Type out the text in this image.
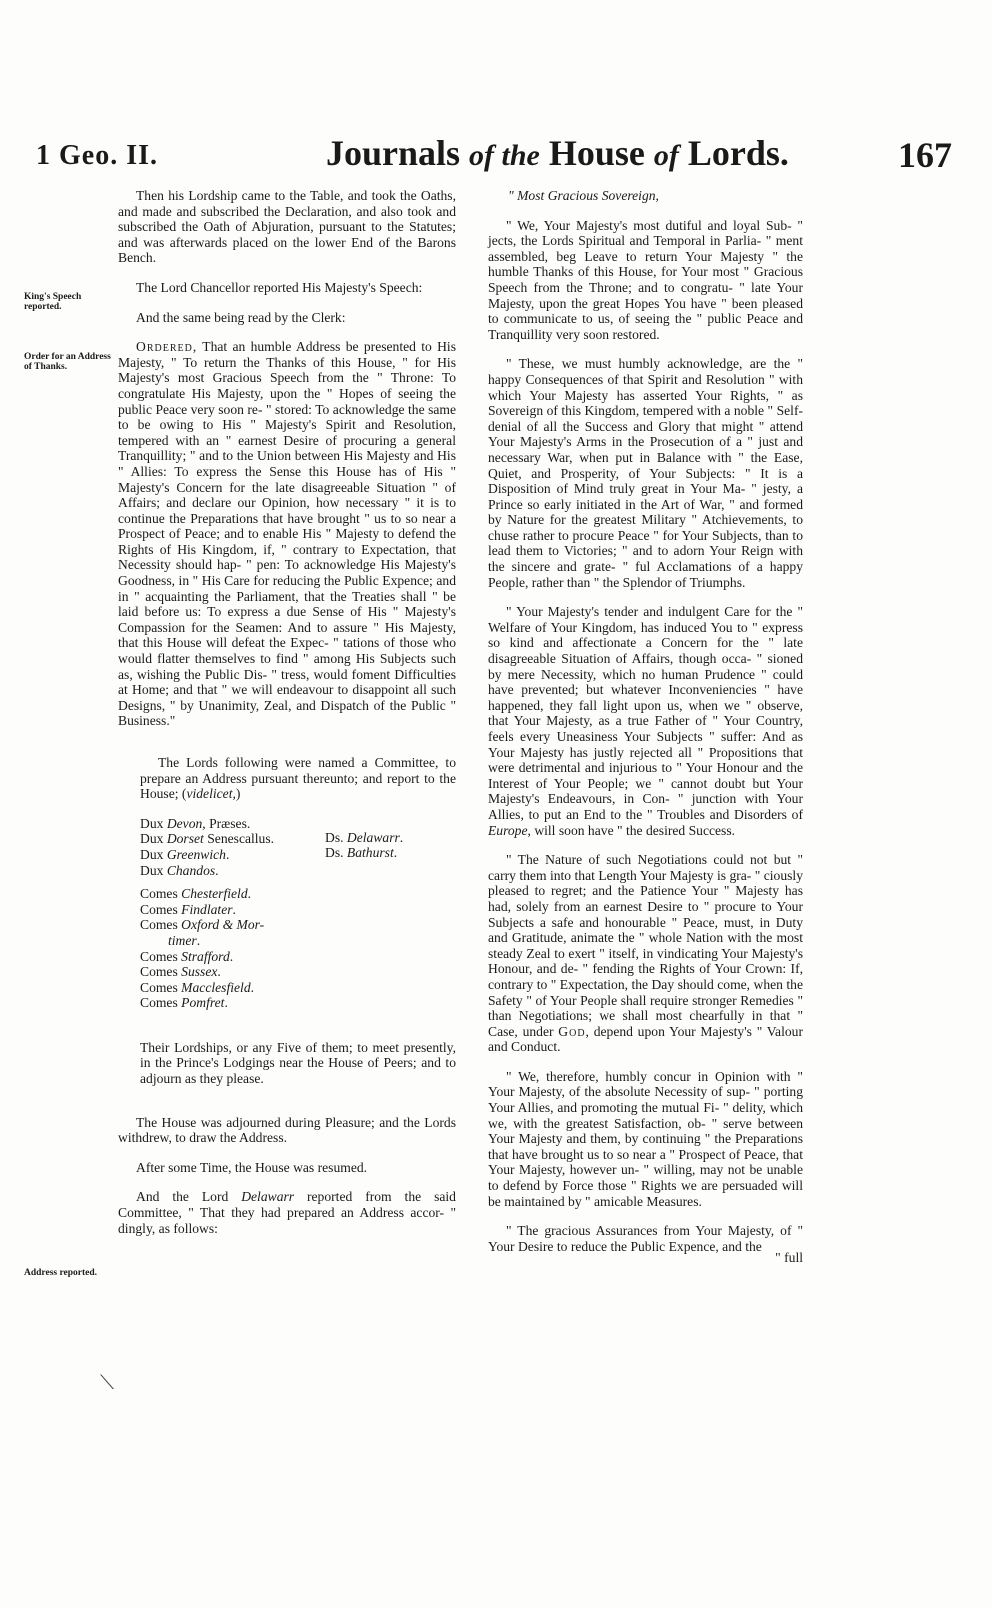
1 Geo. II.	Journals of the House of Lords.	167
King's Speech reported.
Order for an Address of Thanks.
Address reported.

Then his Lordship came to the Table, and took the Oaths, and made and subscribed the Declaration, and also took and subscribed the Oath of Abjuration, pursuant to the Statutes; and was afterwards placed on the lower End of the Barons Bench.

The Lord Chancellor reported His Majesty's Speech:

And the same being read by the Clerk:

Ordered, That an humble Address be presented to His Majesty, " To return the Thanks of this House, " for His Majesty's most Gracious Speech from the " Throne: To congratulate His Majesty, upon the " Hopes of seeing the public Peace very soon re- " stored: To acknowledge the same to be owing to His " Majesty's Spirit and Resolution, tempered with an " earnest Desire of procuring a general Tranquillity; " and to the Union between His Majesty and His " Allies: To express the Sense this House has of His " Majesty's Concern for the late disagreeable Situation " of Affairs; and declare our Opinion, how necessary " it is to continue the Preparations that have brought " us to so near a Prospect of Peace; and to enable His " Majesty to defend the Rights of His Kingdom, if, " contrary to Expectation, that Necessity should hap- " pen: To acknowledge His Majesty's Goodness, in " His Care for reducing the Public Expence; and in " acquainting the Parliament, that the Treaties shall " be laid before us: To express a due Sense of His " Majesty's Compassion for the Seamen: And to assure " His Majesty, that this House will defeat the Expec- " tations of those who would flatter themselves to find " among His Subjects such as, wishing the Public Dis- " tress, would foment Difficulties at Home; and that " we will endeavour to disappoint all such Designs, " by Unanimity, Zeal, and Dispatch of the Public " Business."

The Lords following were named a Committee, to prepare an Address pursuant thereunto; and report to the House; (videlicet,)

Dux Devon, Præses.
Dux Dorset Senescallus.
Dux Greenwich.
Dux Chandos.
Comes Chesterfield.
Comes Findlater.
Comes Oxford & Mor-
timer.
Comes Strafford.
Comes Sussex.
Comes Macclesfield.
Comes Pomfret.
Ds. Delawarr.
Ds. Bathurst.

Their Lordships, or any Five of them; to meet presently, in the Prince's Lodgings near the House of Peers; and to adjourn as they please.

The House was adjourned during Pleasure; and the Lords withdrew, to draw the Address.

After some Time, the House was resumed.

And the Lord Delawarr reported from the said Committee, " That they had prepared an Address accor- " dingly, as follows:

" Most Gracious Sovereign,

" We, Your Majesty's most dutiful and loyal Sub- " jects, the Lords Spiritual and Temporal in Parlia- " ment assembled, beg Leave to return Your Majesty " the humble Thanks of this House, for Your most " Gracious Speech from the Throne; and to congratu- " late Your Majesty, upon the great Hopes You have " been pleased to communicate to us, of seeing the " public Peace and Tranquillity very soon restored.

" These, we must humbly acknowledge, are the " happy Consequences of that Spirit and Resolution " with which Your Majesty has asserted Your Rights, " as Sovereign of this Kingdom, tempered with a noble " Self-denial of all the Success and Glory that might " attend Your Majesty's Arms in the Prosecution of a " just and necessary War, when put in Balance with " the Ease, Quiet, and Prosperity, of Your Subjects: " It is a Disposition of Mind truly great in Your Ma- " jesty, a Prince so early initiated in the Art of War, " and formed by Nature for the greatest Military " Atchievements, to chuse rather to procure Peace " for Your Subjects, than to lead them to Victories; " and to adorn Your Reign with the sincere and grate- " ful Acclamations of a happy People, rather than " the Splendor of Triumphs.

" Your Majesty's tender and indulgent Care for the " Welfare of Your Kingdom, has induced You to " express so kind and affectionate a Concern for the " late disagreeable Situation of Affairs, though occa- " sioned by mere Necessity, which no human Prudence " could have prevented; but whatever Inconveniencies " have happened, they fall light upon us, when we " observe, that Your Majesty, as a true Father of " Your Country, feels every Uneasiness Your Subjects " suffer: And as Your Majesty has justly rejected all " Propositions that were detrimental and injurious to " Your Honour and the Interest of Your People; we " cannot doubt but Your Majesty's Endeavours, in Con- " junction with Your Allies, to put an End to the " Troubles and Disorders of Europe, will soon have " the desired Success.

" The Nature of such Negotiations could not but " carry them into that Length Your Majesty is gra- " ciously pleased to regret; and the Patience Your " Majesty has had, solely from an earnest Desire to " procure to Your Subjects a safe and honourable " Peace, must, in Duty and Gratitude, animate the " whole Nation with the most steady Zeal to exert " itself, in vindicating Your Majesty's Honour, and de- " fending the Rights of Your Crown: If, contrary to " Expectation, the Day should come, when the Safety " of Your People shall require stronger Remedies " than Negotiations; we shall most chearfully in that " Case, under God, depend upon Your Majesty's " Valour and Conduct.

" We, therefore, humbly concur in Opinion with " Your Majesty, of the absolute Necessity of sup- " porting Your Allies, and promoting the mutual Fi- " delity, which we, with the greatest Satisfaction, ob- " serve between Your Majesty and them, by continuing " the Preparations that have brought us to so near a " Prospect of Peace, that Your Majesty, however un- " willing, may not be unable to defend by Force those " Rights we are persuaded will be maintained by " amicable Measures.

" The gracious Assurances from Your Majesty, of " Your Desire to reduce the Public Expence, and the

" full
⟍
